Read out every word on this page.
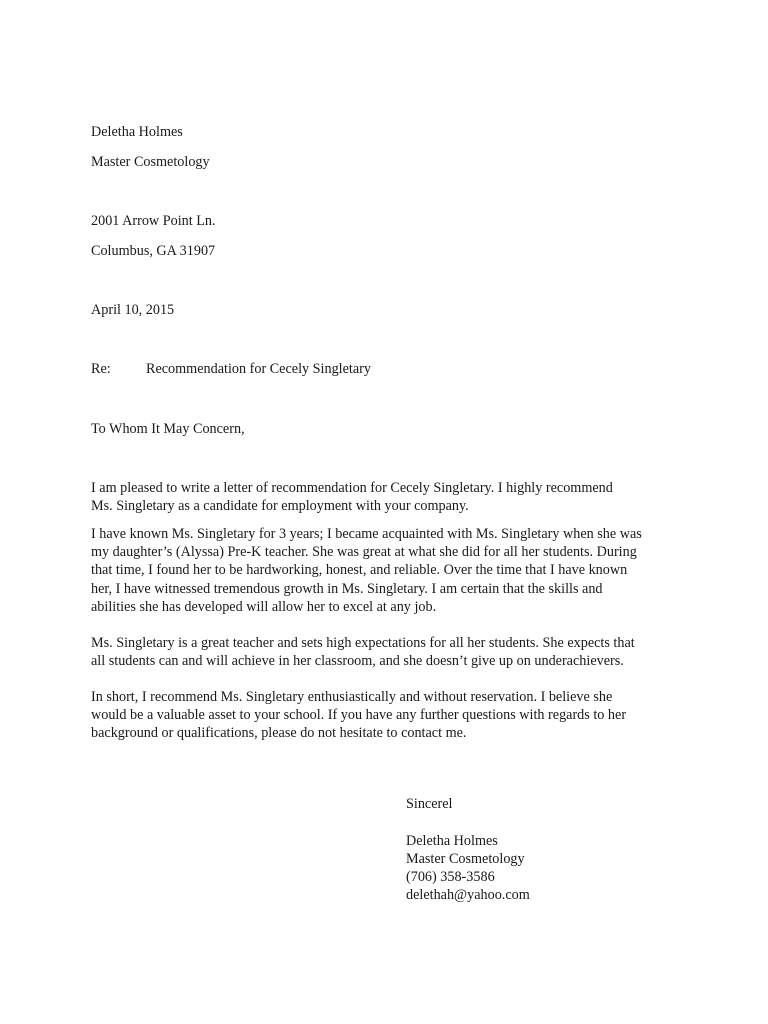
Deletha Holmes
Master Cosmetology
2001 Arrow Point Ln.
Columbus, GA 31907
April 10, 2015
Re: Recommendation for Cecely Singletary
To Whom It May Concern,
I am pleased to write a letter of recommendation for Cecely Singletary. I highly recommend
Ms. Singletary as a candidate for employment with your company.
I have known Ms. Singletary for 3 years; I became acquainted with Ms. Singletary when she was
my daughter’s (Alyssa) Pre-K teacher. She was great at what she did for all her students. During
that time, I found her to be hardworking, honest, and reliable. Over the time that I have known
her, I have witnessed tremendous growth in Ms. Singletary. I am certain that the skills and
abilities she has developed will allow her to excel at any job.
Ms. Singletary is a great teacher and sets high expectations for all her students. She expects that
all students can and will achieve in her classroom, and she doesn’t give up on underachievers.
In short, I recommend Ms. Singletary enthusiastically and without reservation. I believe she
would be a valuable asset to your school. If you have any further questions with regards to her
background or qualifications, please do not hesitate to contact me.
Sincerel
Deletha Holmes
Master Cosmetology
(706) 358-3586
delethah@yahoo.com
